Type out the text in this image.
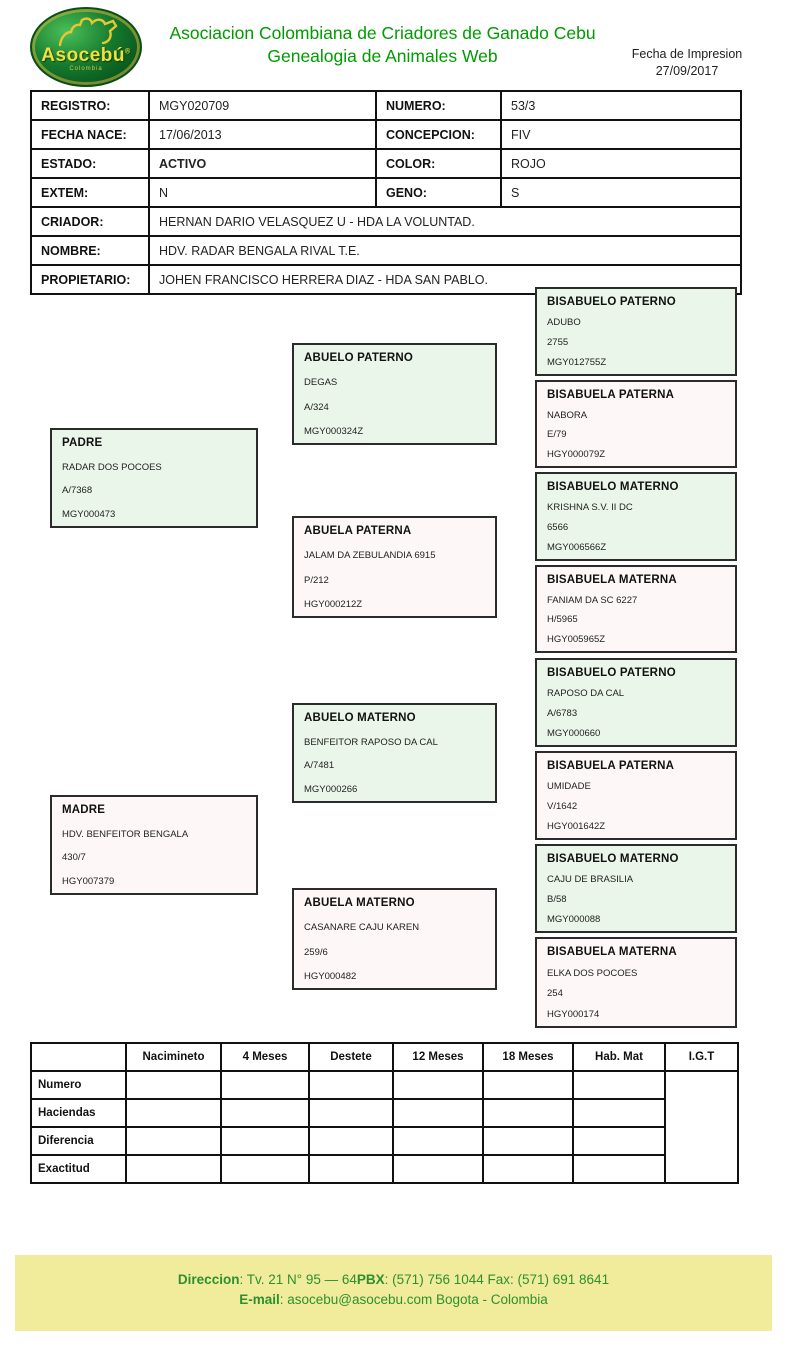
Asocebú®
Colombia
Asociacion Colombiana de Criadores de Ganado Cebu
Genealogia de Animales Web	Fecha de Impresion
27/09/2017
REGISTRO:	MGY020709	NUMERO:	53/3
FECHA NACE:	17/06/2013	CONCEPCION:	FIV
ESTADO:	ACTIVO	COLOR:	ROJO
EXTEM:	N	GENO:	S
CRIADOR:	HERNAN DARIO VELASQUEZ U - HDA LA VOLUNTAD.		
NOMBRE:	HDV. RADAR BENGALA RIVAL T.E.		
PROPIETARIO:	JOHEN FRANCISCO HERRERA DIAZ - HDA SAN PABLO.		
PADRE
RADAR DOS POCOES
A/7368
MGY000473
MADRE
HDV. BENFEITOR BENGALA
430/7
HGY007379
ABUELO PATERNO
DEGAS
A/324
MGY000324Z
ABUELA PATERNA
JALAM DA ZEBULANDIA 6915
P/212
HGY000212Z
ABUELO MATERNO
BENFEITOR RAPOSO DA CAL
A/7481
MGY000266
ABUELA MATERNO
CASANARE CAJU KAREN
259/6
HGY000482
BISABUELO PATERNO
ADUBO
2755
MGY012755Z
BISABUELA PATERNA
NABORA
E/79
HGY000079Z
BISABUELO MATERNO
KRISHNA S.V. II DC
6566
MGY006566Z
BISABUELA MATERNA
FANIAM DA SC 6227
H/5965
HGY005965Z
BISABUELO PATERNO
RAPOSO DA CAL
A/6783
MGY000660
BISABUELA PATERNA
UMIDADE
V/1642
HGY001642Z
BISABUELO MATERNO
CAJU DE BRASILIA
B/58
MGY000088
BISABUELA MATERNA
ELKA DOS POCOES
254
HGY000174
	Nacimineto	4 Meses	Destete	12 Meses	18 Meses	Hab. Mat	I.G.T
Numero							
Haciendas							
Diferencia							
Exactitud							
Direccion: Tv. 21 N° 95 — 64PBX: (571) 756 1044 Fax: (571) 691 8641
E-mail: asocebu@asocebu.com Bogota - Colombia
